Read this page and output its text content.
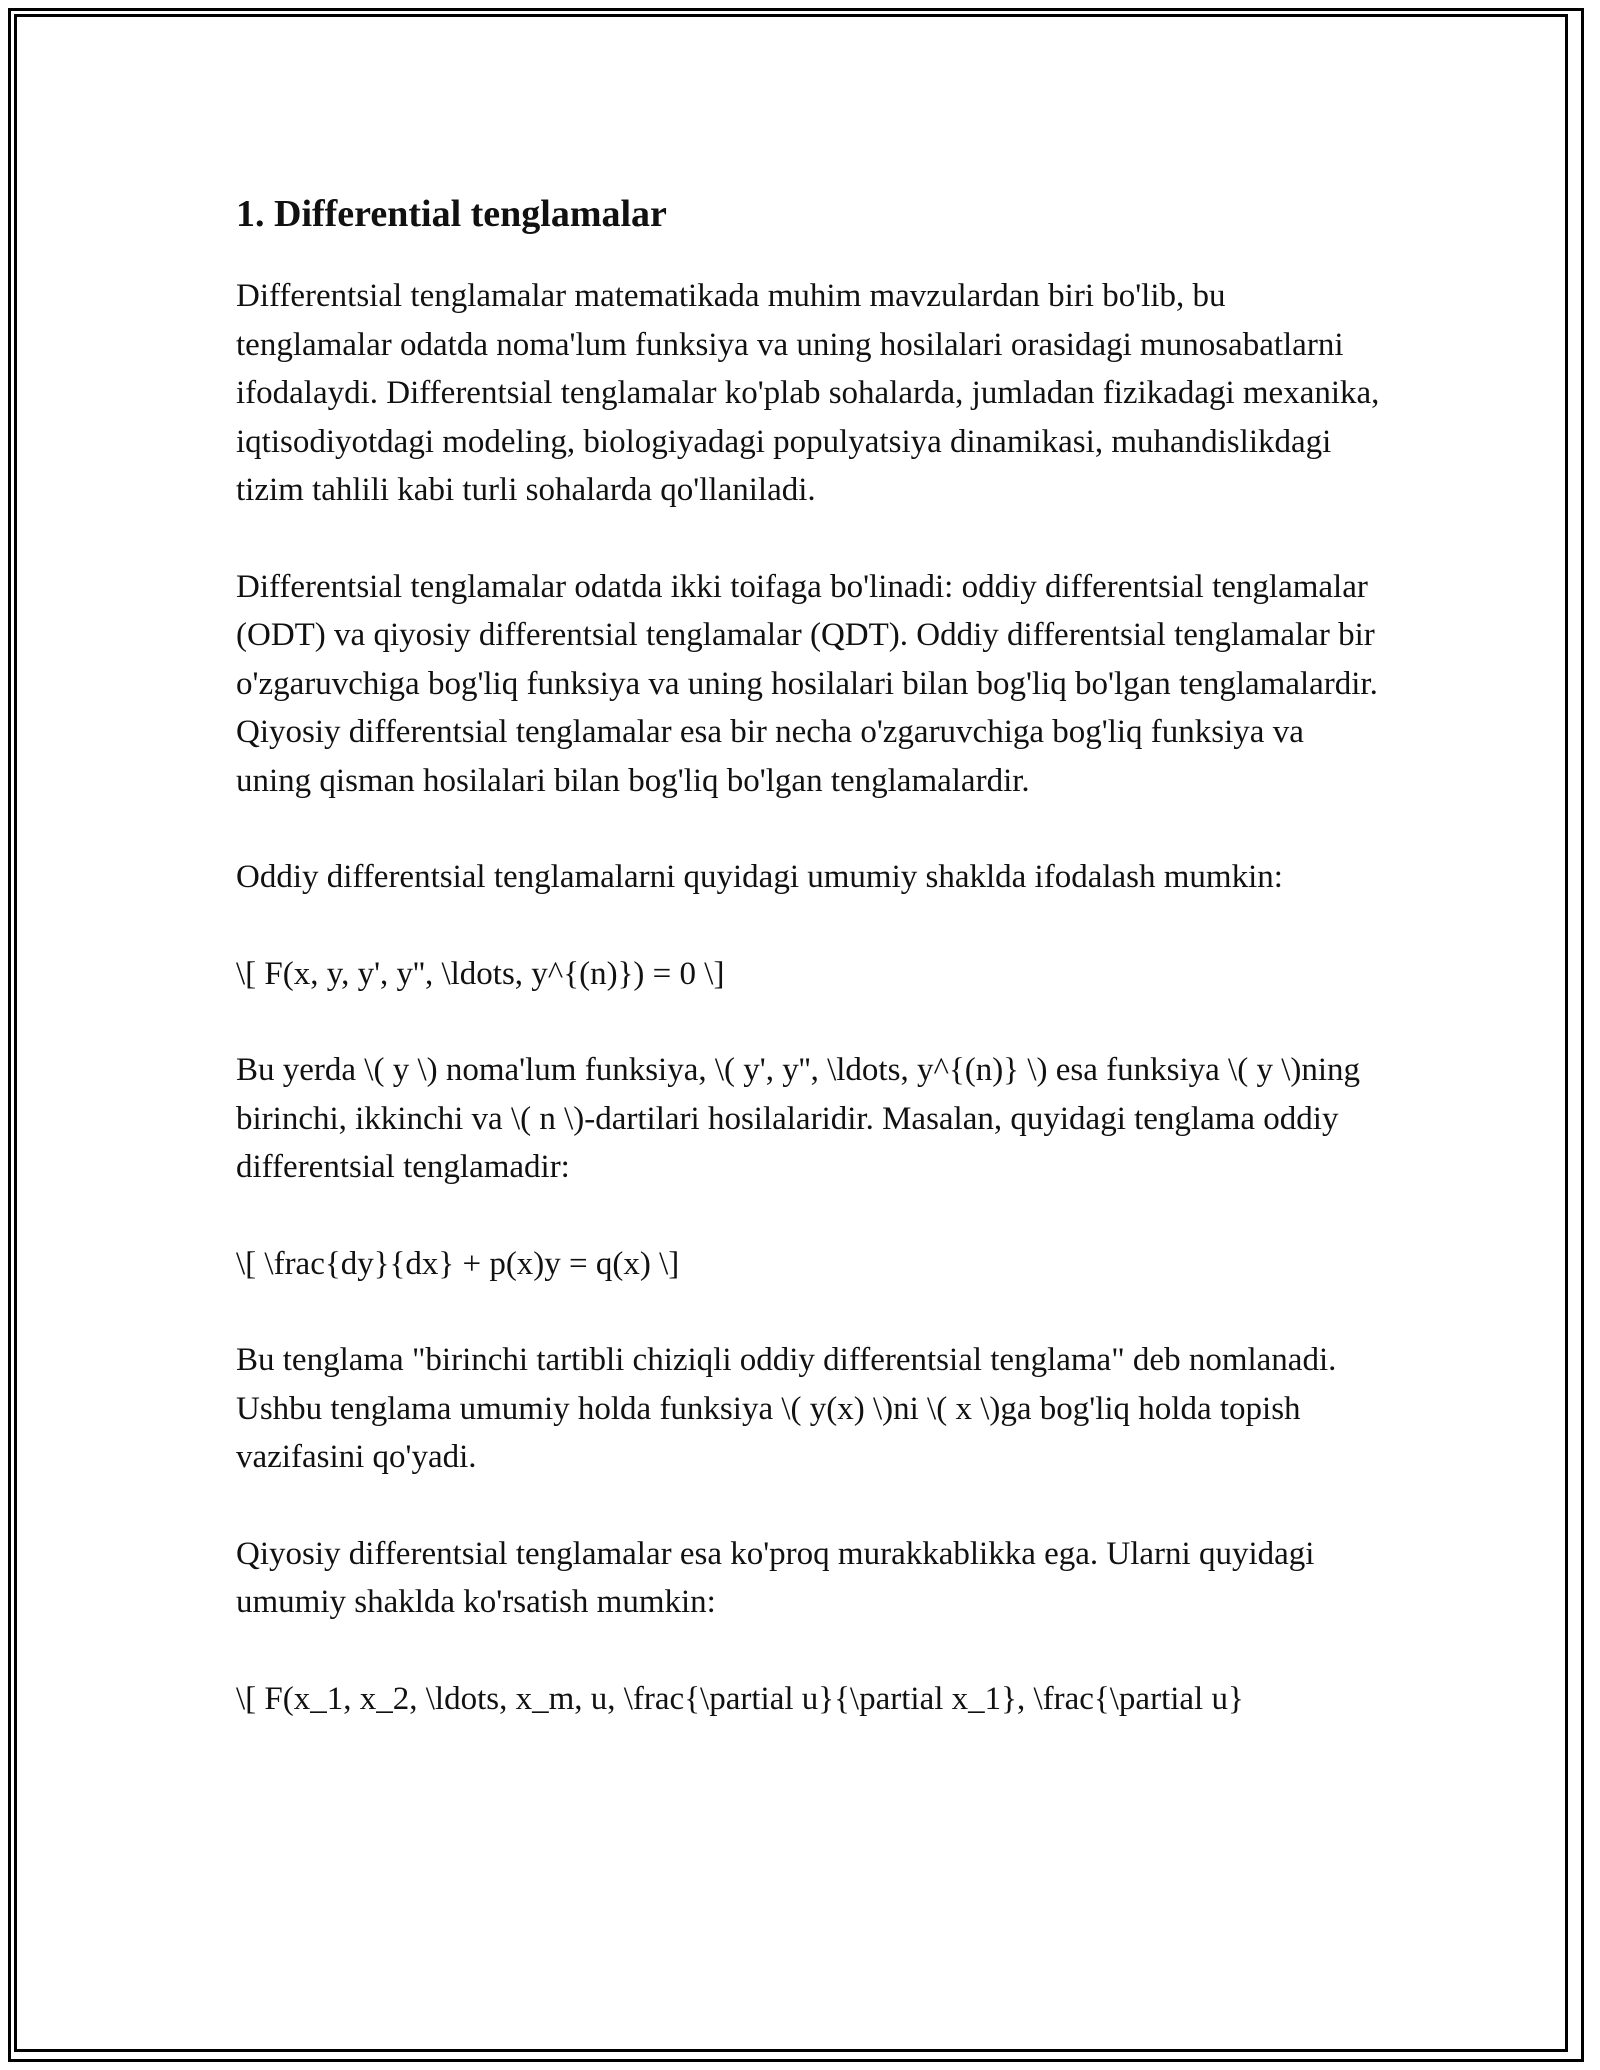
1. Differential tenglamalar

Differentsial tenglamalar matematikada muhim mavzulardan biri bo'lib, bu tenglamalar odatda noma'lum funksiya va uning hosilalari orasidagi munosabatlarni ifodalaydi. Differentsial tenglamalar ko'plab sohalarda, jumladan fizikadagi mexanika, iqtisodiyotdagi modeling, biologiyadagi populyatsiya dinamikasi, muhandislikdagi tizim tahlili kabi turli sohalarda qo'llaniladi.

Differentsial tenglamalar odatda ikki toifaga bo'linadi: oddiy differentsial tenglamalar (ODT) va qiyosiy differentsial tenglamalar (QDT). Oddiy differentsial tenglamalar bir o'zgaruvchiga bog'liq funksiya va uning hosilalari bilan bog'liq bo'lgan tenglamalardir. Qiyosiy differentsial tenglamalar esa bir necha o'zgaruvchiga bog'liq funksiya va uning qisman hosilalari bilan bog'liq bo'lgan tenglamalardir.

Oddiy differentsial tenglamalarni quyidagi umumiy shaklda ifodalash mumkin:

\[ F(x, y, y', y'', \ldots, y^{(n)}) = 0 \]

Bu yerda \( y \) noma'lum funksiya, \( y', y'', \ldots, y^{(n)} \) esa funksiya \( y \)ning birinchi, ikkinchi va \( n \)-dartilari hosilalaridir. Masalan, quyidagi tenglama oddiy differentsial tenglamadir:

\[ \frac{dy}{dx} + p(x)y = q(x) \]

Bu tenglama "birinchi tartibli chiziqli oddiy differentsial tenglama" deb nomlanadi. Ushbu tenglama umumiy holda funksiya \( y(x) \)ni \( x \)ga bog'liq holda topish vazifasini qo'yadi.

Qiyosiy differentsial tenglamalar esa ko'proq murakkablikka ega. Ularni quyidagi umumiy shaklda ko'rsatish mumkin:

\[ F(x_1, x_2, \ldots, x_m, u, \frac{\partial u}{\partial x_1}, \frac{\partial u}
